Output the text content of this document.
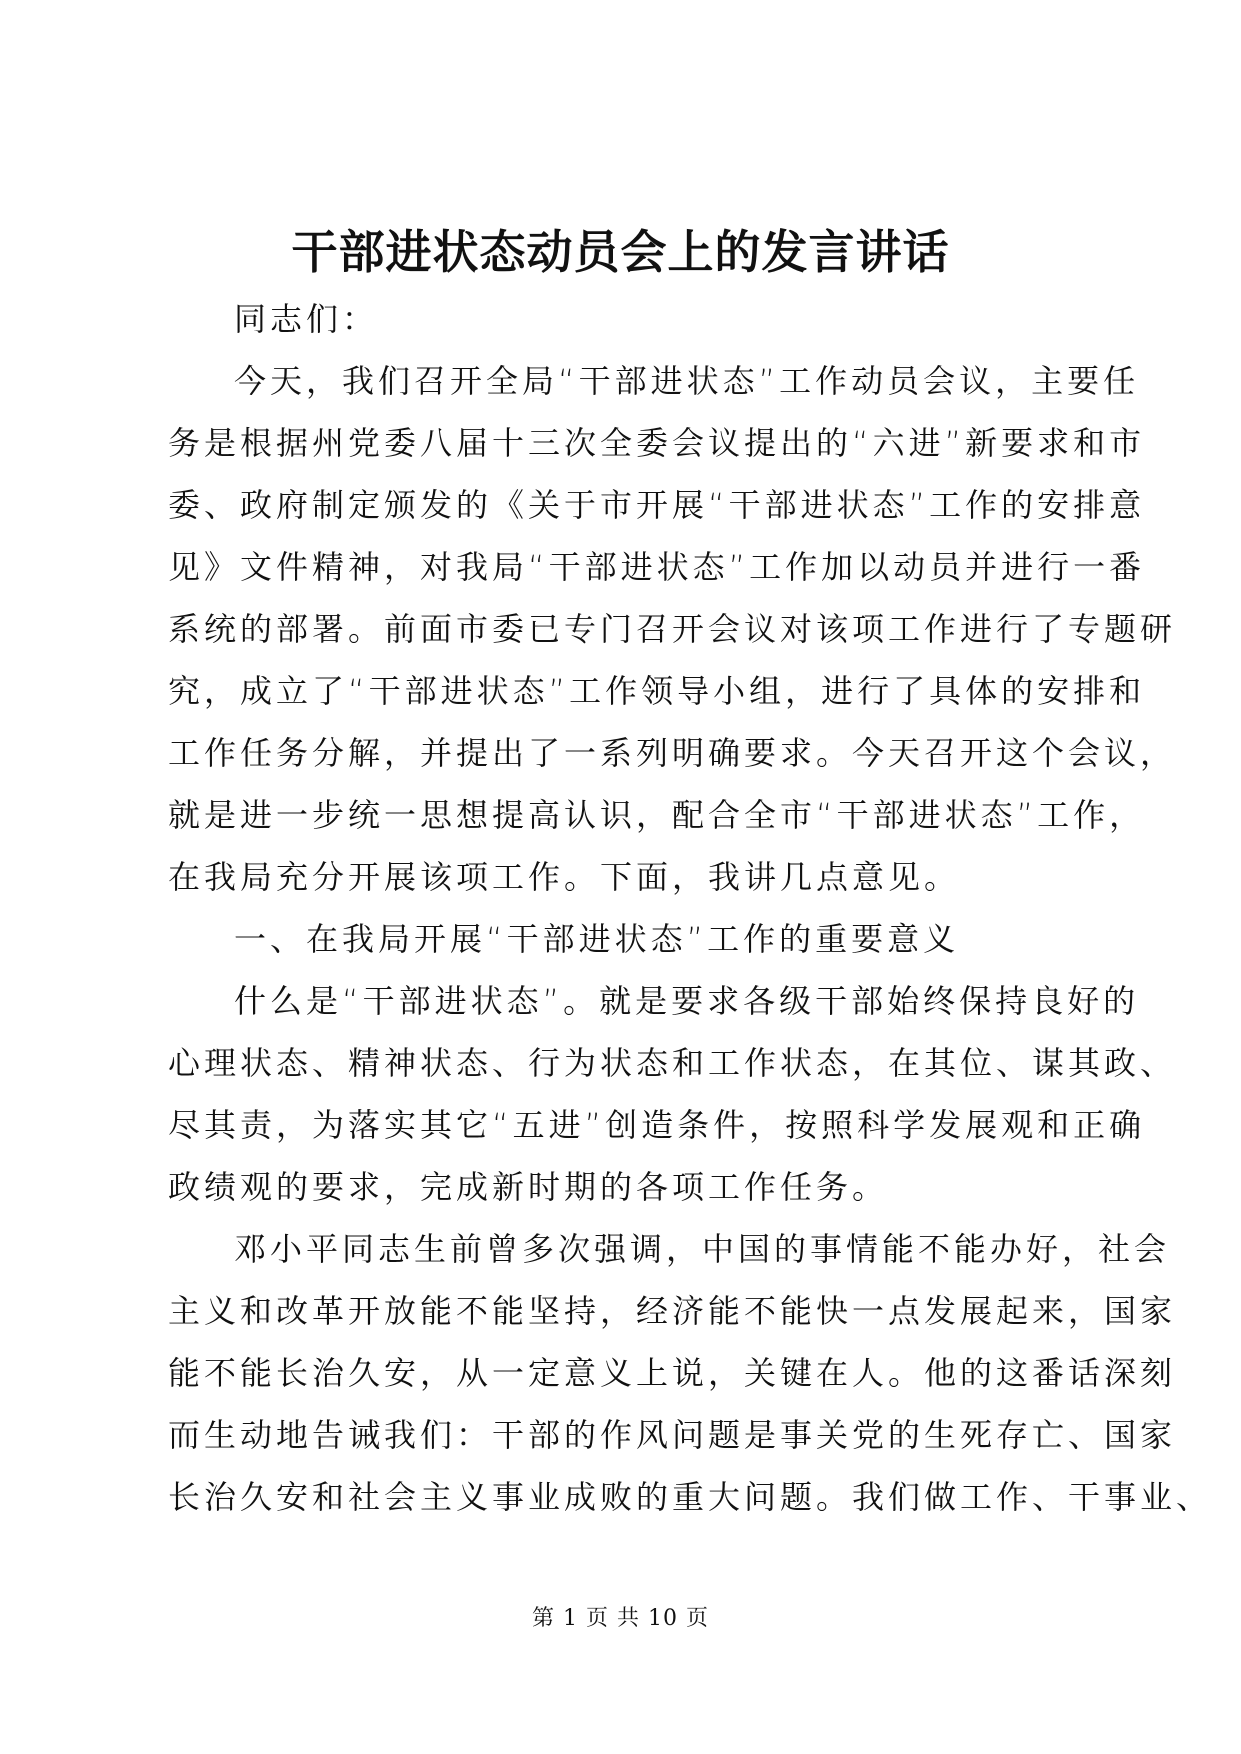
干部进状态动员会上的发言讲话
同志们：
今天，我们召开全局“干部进状态”工作动员会议，主要任
务是根据州党委八届十三次全委会议提出的“六进”新要求和市
委、政府制定颁发的《关于市开展“干部进状态”工作的安排意
见》文件精神，对我局“干部进状态”工作加以动员并进行一番
系统的部署。前面市委已专门召开会议对该项工作进行了专题研
究，成立了“干部进状态”工作领导小组，进行了具体的安排和
工作任务分解，并提出了一系列明确要求。今天召开这个会议，
就是进一步统一思想提高认识，配合全市“干部进状态”工作，
在我局充分开展该项工作。下面，我讲几点意见。
一、在我局开展“干部进状态”工作的重要意义
什么是“干部进状态”。就是要求各级干部始终保持良好的
心理状态、精神状态、行为状态和工作状态，在其位、谋其政、
尽其责，为落实其它“五进”创造条件，按照科学发展观和正确
政绩观的要求，完成新时期的各项工作任务。
邓小平同志生前曾多次强调，中国的事情能不能办好，社会
主义和改革开放能不能坚持，经济能不能快一点发展起来，国家
能不能长治久安，从一定意义上说，关键在人。他的这番话深刻
而生动地告诫我们：干部的作风问题是事关党的生死存亡、国家
长治久安和社会主义事业成败的重大问题。我们做工作、干事业、
第 1 页 共 10 页
